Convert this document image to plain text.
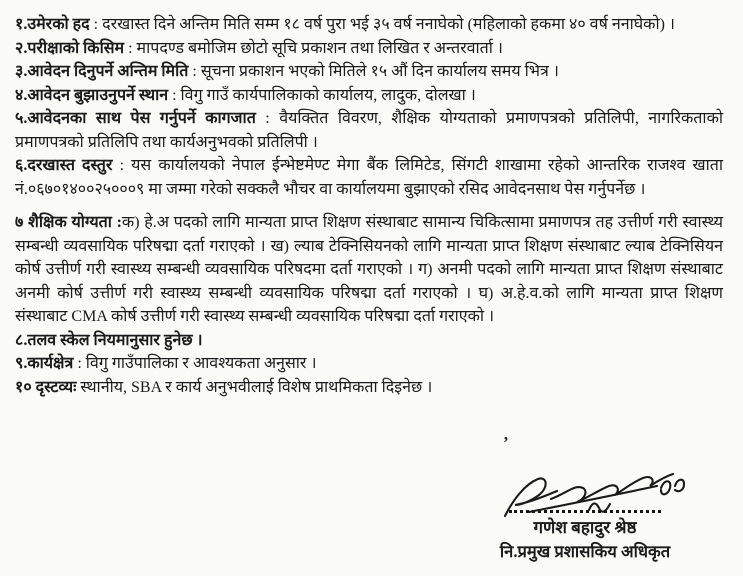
१.उमेरको हद : दरखास्त दिने अन्तिम मिति सम्म १८ वर्ष पुरा भई ३५ वर्ष ननाघेको (महिलाको हकमा ४० वर्ष ननाघेको) ।

२.परीक्षाको किसिम : मापदण्ड बमोजिम छोटो सूचि प्रकाशन तथा लिखित र अन्तरवार्ता ।

३.आवेदन दिनुपर्ने अन्तिम मिति : सूचना प्रकाशन भएको मितिले १५ औं दिन कार्यालय समय भित्र ।

४.आवेदन बुझाउनुपर्ने स्थान : विगु गाउँ कार्यपालिकाको कार्यालय, लादुक, दोलखा ।

५.आवेदनका साथ पेस गर्नुपर्ने कागजात : वैयक्तित विवरण, शैक्षिक योग्यताको प्रमाणपत्रको प्रतिलिपी, नागरिकताको प्रमाणपत्रको प्रतिलिपि तथा कार्यअनुभवको प्रतिलिपी ।

६.दरखास्त दस्तुर : यस कार्यालयको नेपाल ईन्भेष्टमेण्ट मेगा बैंक लिमिटेड, सिंगटी शाखामा रहेको आन्तरिक राजश्व खाता नं.०६७०१४००२५०००९ मा जम्मा गरेको सक्कलै भौचर वा कार्यालयमा बुझाएको रसिद आवेदनसाथ पेस गर्नुपर्नेछ ।

७ शैक्षिक योग्यता :क) हे.अ पदको लागि मान्यता प्राप्त शिक्षण संस्थाबाट सामान्य चिकित्सामा प्रमाणपत्र तह उत्तीर्ण गरी स्वास्थ्य सम्बन्धी व्यवसायिक परिषद्मा दर्ता गराएको । ख) ल्याब टेक्निसियनको लागि मान्यता प्राप्त शिक्षण संस्थाबाट ल्याब टेक्निसियन कोर्ष उत्तीर्ण गरी स्वास्थ्य सम्बन्धी व्यवसायिक परिषदमा दर्ता गराएको । ग) अनमी पदको लागि मान्यता प्राप्त शिक्षण संस्थाबाट अनमी कोर्ष उत्तीर्ण गरी स्वास्थ्य सम्बन्धी व्यवसायिक परिषद्मा दर्ता गराएको । घ) अ.हे.व.को लागि मान्यता प्राप्त शिक्षण संस्थाबाट CMA कोर्ष उत्तीर्ण गरी स्वास्थ्य सम्बन्धी व्यवसायिक परिषद्मा दर्ता गराएको ।

८.तलव स्केल नियमानुसार हुनेछ ।

९.कार्यक्षेत्र : विगु गाउँपालिका र आवश्यकता अनुसार ।

१० दृस्टव्यः स्थानीय, SBA र कार्य अनुभवीलाई विशेष प्राथमिकता दिइनेछ ।

’
गणेश बहादुर श्रेष्ठ
नि.प्रमुख प्रशासकिय अधिकृत
